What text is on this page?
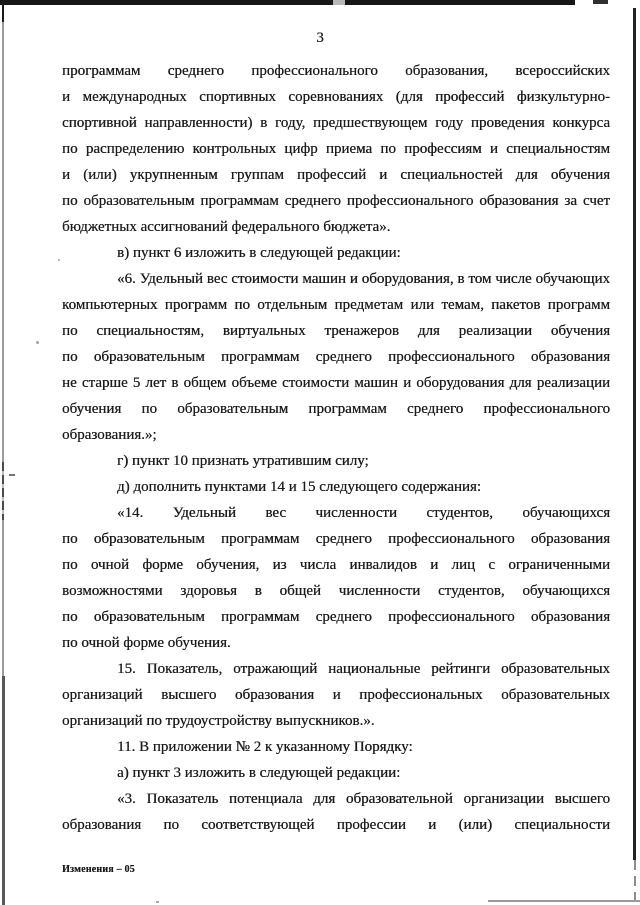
3
программам среднего профессионального образования, всероссийских
и международных спортивных соревнованиях (для профессий физкультурно-
спортивной направленности) в году, предшествующем году проведения конкурса
по распределению контрольных цифр приема по профессиям и специальностям
и (или) укрупненным группам профессий и специальностей для обучения
по образовательным программам среднего профессионального образования за счет
бюджетных ассигнований федерального бюджета».
в) пункт 6 изложить в следующей редакции:
«6. Удельный вес стоимости машин и оборудования, в том числе обучающих
компьютерных программ по отдельным предметам или темам, пакетов программ
по специальностям, виртуальных тренажеров для реализации обучения
по образовательным программам среднего профессионального образования
не старше 5 лет в общем объеме стоимости машин и оборудования для реализации
обучения по образовательным программам среднего профессионального
образования.»;
г) пункт 10 признать утратившим силу;
д) дополнить пунктами 14 и 15 следующего содержания:
«14. Удельный вес численности студентов, обучающихся
по образовательным программам среднего профессионального образования
по очной форме обучения, из числа инвалидов и лиц с ограниченными
возможностями здоровья в общей численности студентов, обучающихся
по образовательным программам среднего профессионального образования
по очной форме обучения.
15. Показатель, отражающий национальные рейтинги образовательных
организаций высшего образования и профессиональных образовательных
организаций по трудоустройству выпускников.».
11. В приложении № 2 к указанному Порядку:
а) пункт 3 изложить в следующей редакции:
«3. Показатель потенциала для образовательной организации высшего
образования по соответствующей профессии и (или) специальности
Изменения – 05
